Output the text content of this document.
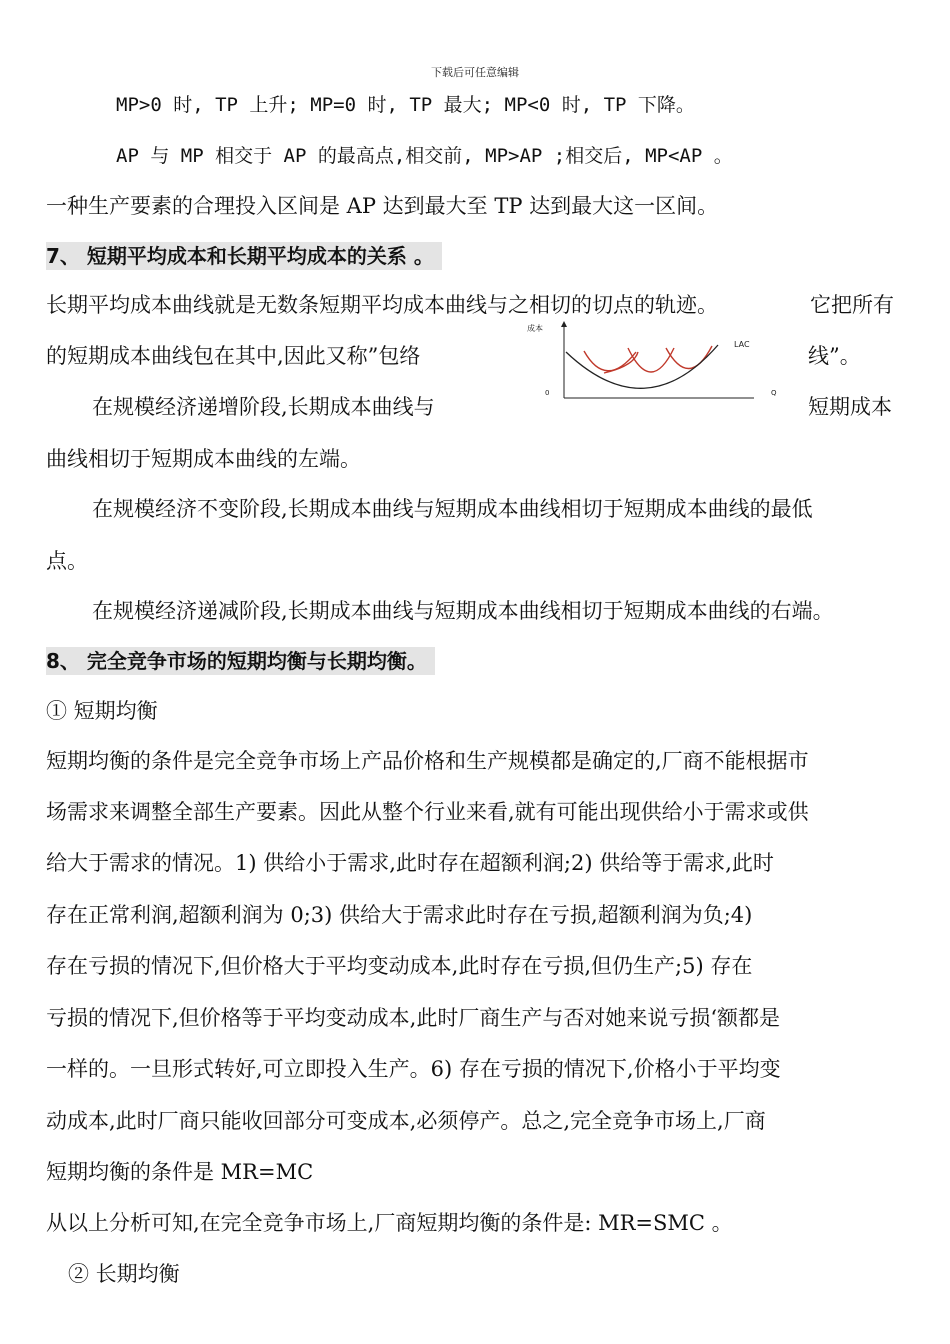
下载后可任意编辑
MP>0 时, TP 上升; MP=0 时, TP 最大; MP<0 时, TP 下降。
AP 与 MP 相交于 AP 的最高点,相交前, MP>AP ;相交后, MP<AP 。
一种生产要素的合理投入区间是 AP 达到最大至 TP 达到最大这一区间。
7、 短期平均成本和长期平均成本的关系 。
长期平均成本曲线就是无数条短期平均成本曲线与之相切的切点的轨迹。	它把所有
的短期成本曲线包在其中,因此又称”包络	线”。
在规模经济递增阶段,长期成本曲线与	短期成本
曲线相切于短期成本曲线的左端。
成本
0	Q
LAC
在规模经济不变阶段,长期成本曲线与短期成本曲线相切于短期成本曲线的最低
点。
在规模经济递减阶段,长期成本曲线与短期成本曲线相切于短期成本曲线的右端。
8、 完全竞争市场的短期均衡与长期均衡。
① 短期均衡
短期均衡的条件是完全竞争市场上产品价格和生产规模都是确定的,厂商不能根据市
场需求来调整全部生产要素。因此从整个行业来看,就有可能出现供给小于需求或供
给大于需求的情况。1) 供给小于需求,此时存在超额利润;2) 供给等于需求,此时
存在正常利润,超额利润为 0;3) 供给大于需求此时存在亏损,超额利润为负;4)
存在亏损的情况下,但价格大于平均变动成本,此时存在亏损,但仍生产;5) 存在
亏损的情况下,但价格等于平均变动成本,此时厂商生产与否对她来说亏损‘额都是
一样的。一旦形式转好,可立即投入生产。6) 存在亏损的情况下,价格小于平均变
动成本,此时厂商只能收回部分可变成本,必须停产。总之,完全竞争市场上,厂商
短期均衡的条件是 MR=MC
从以上分析可知,在完全竞争市场上,厂商短期均衡的条件是: MR=SMC 。
② 长期均衡
